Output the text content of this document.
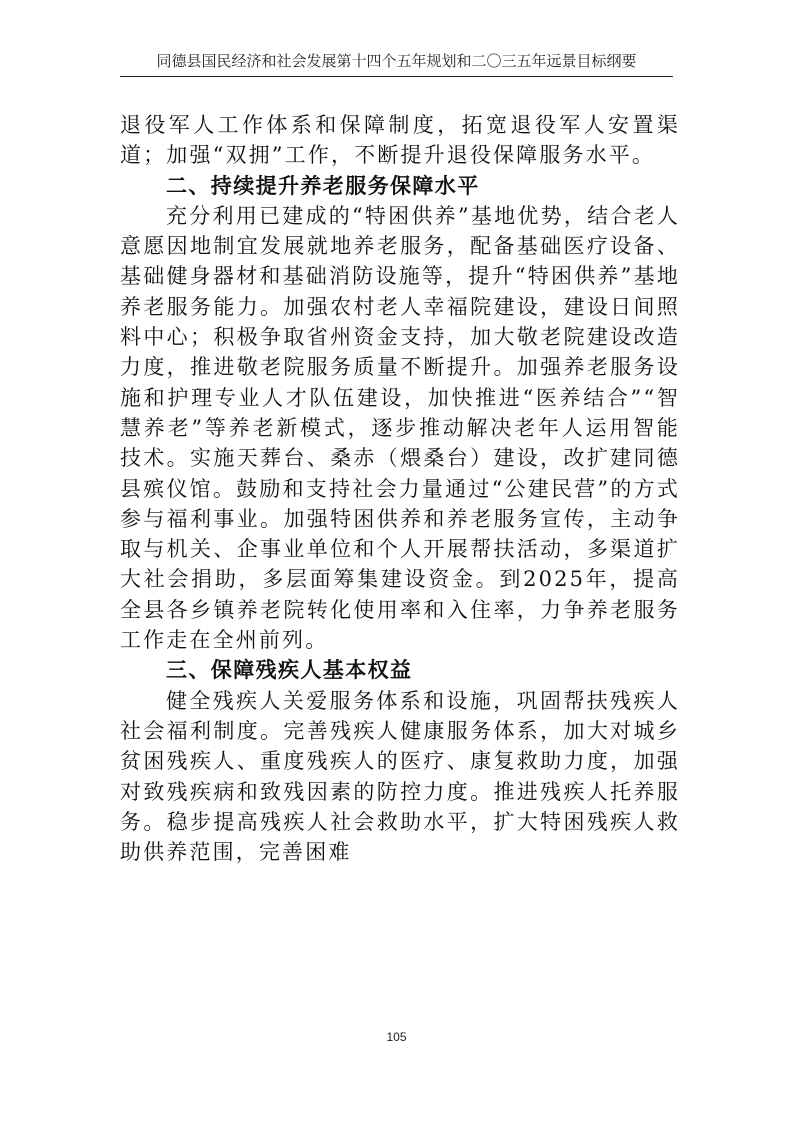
同德县国民经济和社会发展第十四个五年规划和二〇三五年远景目标纲要

退役军人工作体系和保障制度，拓宽退役军人安置渠道；加强“双拥”工作，不断提升退役保障服务水平。

二、持续提升养老服务保障水平

充分利用已建成的“特困供养”基地优势，结合老人意愿因地制宜发展就地养老服务，配备基础医疗设备、基础健身器材和基础消防设施等，提升“特困供养”基地养老服务能力。加强农村老人幸福院建设，建设日间照料中心；积极争取省州资金支持，加大敬老院建设改造力度，推进敬老院服务质量不断提升。加强养老服务设施和护理专业人才队伍建设，加快推进“医养结合”“智慧养老”等养老新模式，逐步推动解决老年人运用智能技术。实施天葬台、桑赤（煨桑台）建设，改扩建同德县殡仪馆。鼓励和支持社会力量通过“公建民营”的方式参与福利事业。加强特困供养和养老服务宣传，主动争取与机关、企事业单位和个人开展帮扶活动，多渠道扩大社会捐助，多层面筹集建设资金。到2025年，提高全县各乡镇养老院转化使用率和入住率，力争养老服务工作走在全州前列。

三、保障残疾人基本权益

健全残疾人关爱服务体系和设施，巩固帮扶残疾人社会福利制度。完善残疾人健康服务体系，加大对城乡贫困残疾人、重度残疾人的医疗、康复救助力度，加强对致残疾病和致残因素的防控力度。推进残疾人托养服务。稳步提高残疾人社会救助水平，扩大特困残疾人救助供养范围，完善困难

105
